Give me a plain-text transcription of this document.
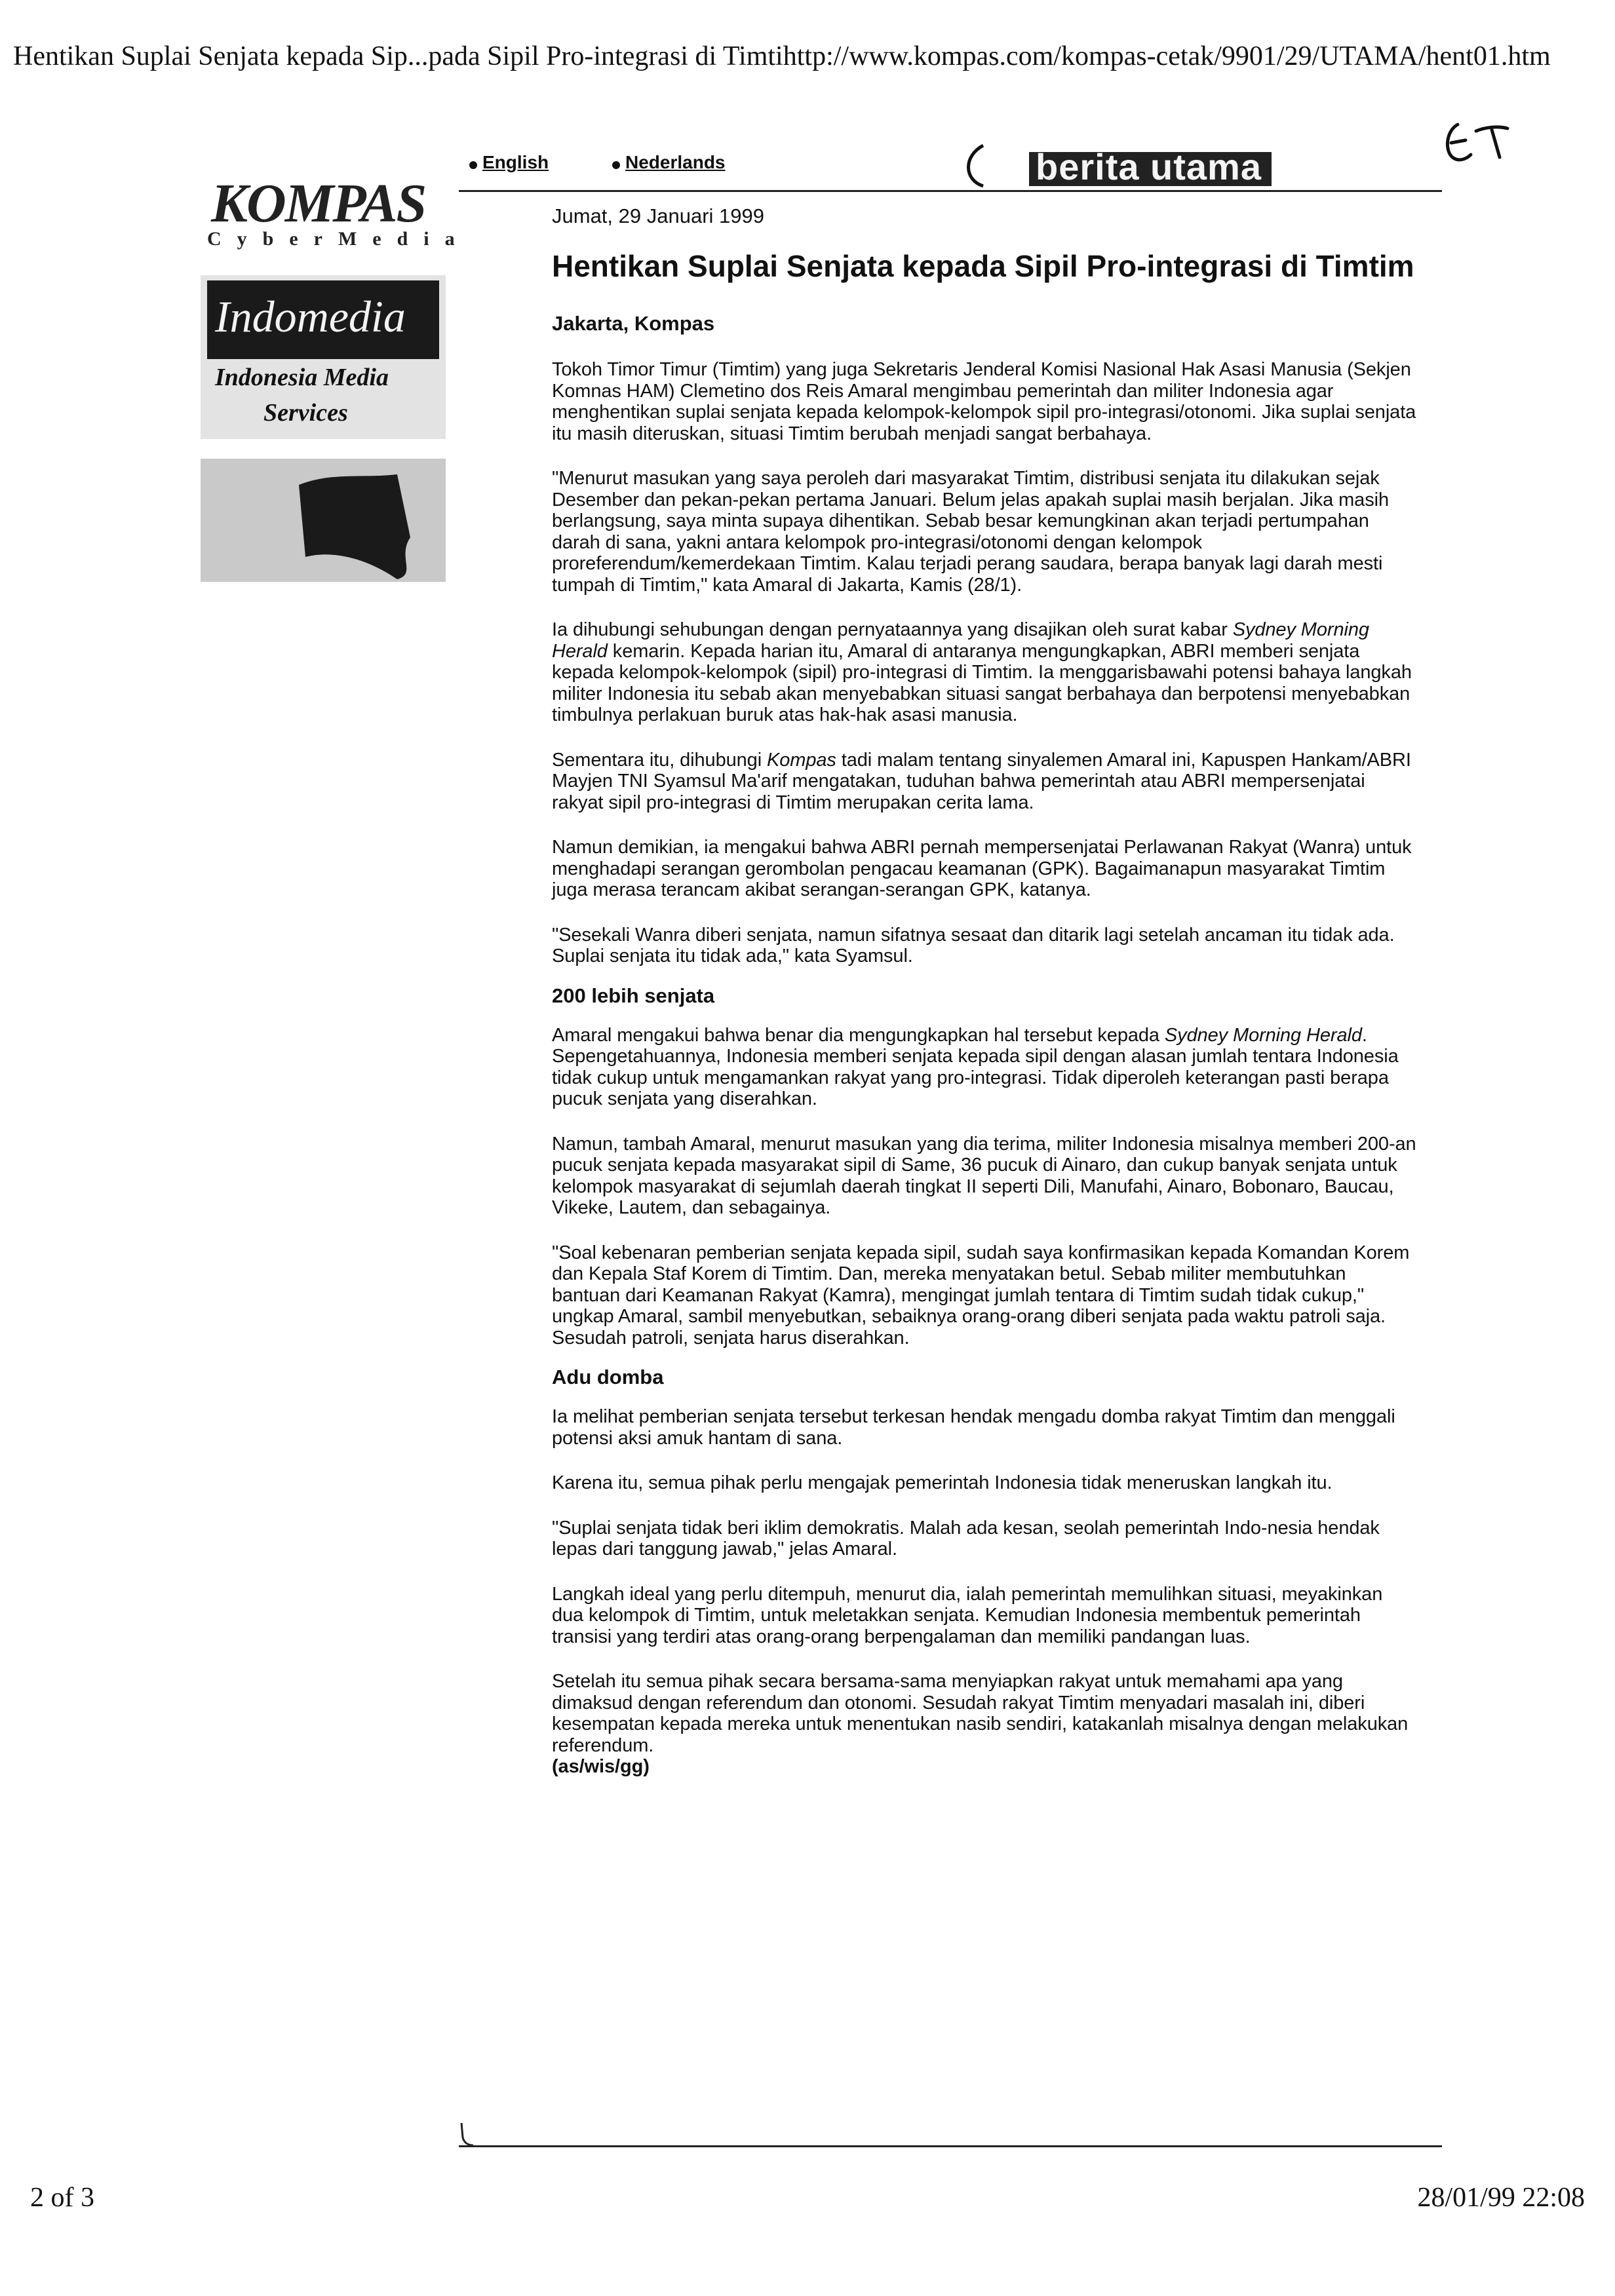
Hentikan Suplai Senjata kepada Sip...pada Sipil Pro-integrasi di Timtihttp://www.kompas.com/kompas-cetak/9901/29/UTAMA/hent01.htm
2 of 3	28/01/99 22:08
KOMPAS
CyberMedia
Indomedia
Indonesia Media
Services
English	Nederlands	berita utama
Jumat, 29 Januari 1999
Hentikan Suplai Senjata kepada Sipil Pro-integrasi di Timtim
Jakarta, Kompas

Tokoh Timor Timur (Timtim) yang juga Sekretaris Jenderal Komisi Nasional Hak Asasi Manusia (Sekjen Komnas HAM) Clemetino dos Reis Amaral mengimbau pemerintah dan militer Indonesia agar menghentikan suplai senjata kepada kelompok-kelompok sipil pro-integrasi/otonomi. Jika suplai senjata itu masih diteruskan, situasi Timtim berubah menjadi sangat berbahaya.

"Menurut masukan yang saya peroleh dari masyarakat Timtim, distribusi senjata itu dilakukan sejak Desember dan pekan-pekan pertama Januari. Belum jelas apakah suplai masih berjalan. Jika masih berlangsung, saya minta supaya dihentikan. Sebab besar kemungkinan akan terjadi pertumpahan darah di sana, yakni antara kelompok pro-integrasi/otonomi dengan kelompok proreferendum/kemerdekaan Timtim. Kalau terjadi perang saudara, berapa banyak lagi darah mesti tumpah di Timtim," kata Amaral di Jakarta, Kamis (28/1).

Ia dihubungi sehubungan dengan pernyataannya yang disajikan oleh surat kabar Sydney Morning Herald kemarin. Kepada harian itu, Amaral di antaranya mengungkapkan, ABRI memberi senjata kepada kelompok-kelompok (sipil) pro-integrasi di Timtim. Ia menggarisbawahi potensi bahaya langkah militer Indonesia itu sebab akan menyebabkan situasi sangat berbahaya dan berpotensi menyebabkan timbulnya perlakuan buruk atas hak-hak asasi manusia.

Sementara itu, dihubungi Kompas tadi malam tentang sinyalemen Amaral ini, Kapuspen Hankam/ABRI Mayjen TNI Syamsul Ma'arif mengatakan, tuduhan bahwa pemerintah atau ABRI mempersenjatai rakyat sipil pro-integrasi di Timtim merupakan cerita lama.

Namun demikian, ia mengakui bahwa ABRI pernah mempersenjatai Perlawanan Rakyat (Wanra) untuk menghadapi serangan gerombolan pengacau keamanan (GPK). Bagaimanapun masyarakat Timtim juga merasa terancam akibat serangan-serangan GPK, katanya.

"Sesekali Wanra diberi senjata, namun sifatnya sesaat dan ditarik lagi setelah ancaman itu tidak ada. Suplai senjata itu tidak ada," kata Syamsul.

200 lebih senjata

Amaral mengakui bahwa benar dia mengungkapkan hal tersebut kepada Sydney Morning Herald. Sepengetahuannya, Indonesia memberi senjata kepada sipil dengan alasan jumlah tentara Indonesia tidak cukup untuk mengamankan rakyat yang pro-integrasi. Tidak diperoleh keterangan pasti berapa pucuk senjata yang diserahkan.

Namun, tambah Amaral, menurut masukan yang dia terima, militer Indonesia misalnya memberi 200-an pucuk senjata kepada masyarakat sipil di Same, 36 pucuk di Ainaro, dan cukup banyak senjata untuk kelompok masyarakat di sejumlah daerah tingkat II seperti Dili, Manufahi, Ainaro, Bobonaro, Baucau, Vikeke, Lautem, dan sebagainya.

"Soal kebenaran pemberian senjata kepada sipil, sudah saya konfirmasikan kepada Komandan Korem dan Kepala Staf Korem di Timtim. Dan, mereka menyatakan betul. Sebab militer membutuhkan bantuan dari Keamanan Rakyat (Kamra), mengingat jumlah tentara di Timtim sudah tidak cukup," ungkap Amaral, sambil menyebutkan, sebaiknya orang-orang diberi senjata pada waktu patroli saja. Sesudah patroli, senjata harus diserahkan.

Adu domba

Ia melihat pemberian senjata tersebut terkesan hendak mengadu domba rakyat Timtim dan menggali potensi aksi amuk hantam di sana.

Karena itu, semua pihak perlu mengajak pemerintah Indonesia tidak meneruskan langkah itu.

"Suplai senjata tidak beri iklim demokratis. Malah ada kesan, seolah pemerintah Indo-nesia hendak lepas dari tanggung jawab," jelas Amaral.

Langkah ideal yang perlu ditempuh, menurut dia, ialah pemerintah memulihkan situasi, meyakinkan dua kelompok di Timtim, untuk meletakkan senjata. Kemudian Indonesia membentuk pemerintah transisi yang terdiri atas orang-orang berpengalaman dan memiliki pandangan luas.

Setelah itu semua pihak secara bersama-sama menyiapkan rakyat untuk memahami apa yang dimaksud dengan referendum dan otonomi. Sesudah rakyat Timtim menyadari masalah ini, diberi kesempatan kepada mereka untuk menentukan nasib sendiri, katakanlah misalnya dengan melakukan referendum.
(as/wis/gg)
